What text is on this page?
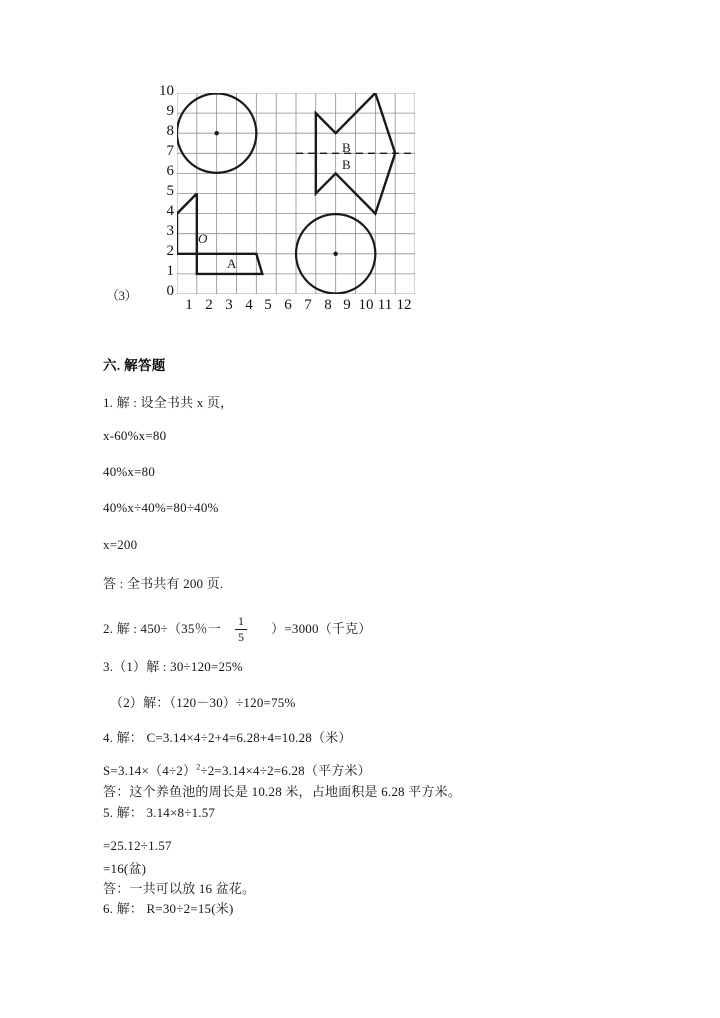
（3）
10
9
8
7
6
5
4
3
2
1
0
O
A
B
B
1 2 3 4 5 6 7 8 9 10 11 12
六. 解答题
1. 解 : 设全书共 x 页，
x-60%x=80
40%x=80
40%x÷40%=80÷40%
x=200
答 : 全书共有 200 页.
2. 解 : 450÷（35％一 $\frac{1}{5} )=3000$（千克）
3.（1）解 : 30÷120=25%
（2）解：（120－30）÷120=75%
4. 解： C=3.14×4÷2+4=6.28+4=10.28（米）
$S=3.14\times(4\div 2)^2\div 2=3.14\times 4\div 2=6.28$（平方米）
答：这个养鱼池的周长是 10.28 米，占地面积是 6.28 平方米。
5. 解： 3.14×8÷1.57
=25.12÷1.57
=16(盆)
答：一共可以放 16 盆花。
6. 解： R=30÷2=15(米)
